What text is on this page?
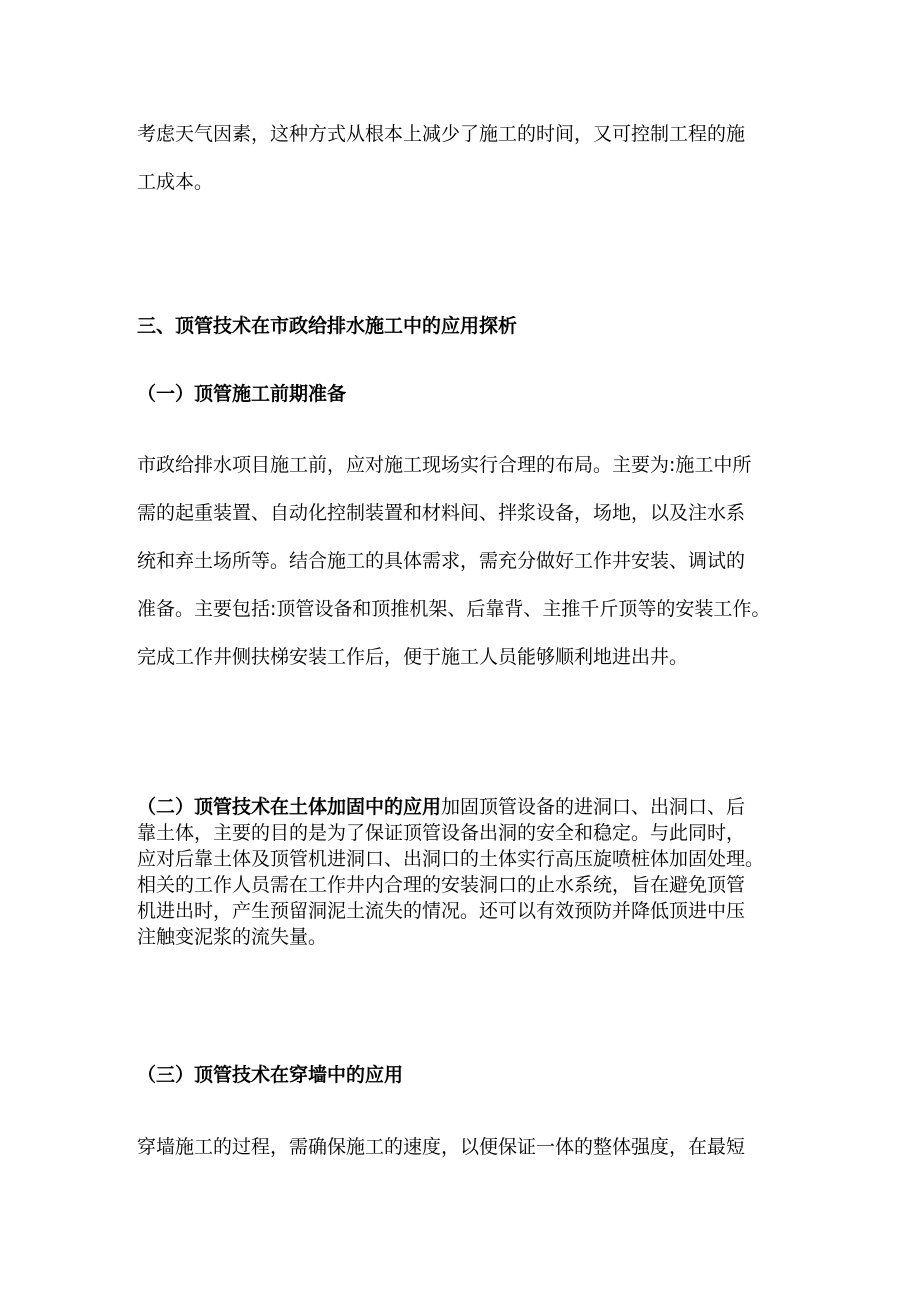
考虑天气因素，这种方式从根本上减少了施工的时间，又可控制工程的施

工成本。

三、顶管技术在市政给排水施工中的应用探析

（一）顶管施工前期准备

市政给排水项目施工前，应对施工现场实行合理的布局。主要为:施工中所

需的起重装置、自动化控制装置和材料间、拌浆设备，场地，以及注水系

统和弃土场所等。结合施工的具体需求，需充分做好工作井安装、调试的

准备。主要包括:顶管设备和顶推机架、后靠背、主推千斤顶等的安装工作。

完成工作井侧扶梯安装工作后，便于施工人员能够顺利地进出井。

（二）顶管技术在土体加固中的应用加固顶管设备的进洞口、出洞口、后

靠土体，主要的目的是为了保证顶管设备出洞的安全和稳定。与此同时，

应对后靠土体及顶管机进洞口、出洞口的土体实行高压旋喷桩体加固处理。

相关的工作人员需在工作井内合理的安装洞口的止水系统，旨在避免顶管

机进出时，产生预留洞泥土流失的情况。还可以有效预防并降低顶进中压

注触变泥浆的流失量。

（三）顶管技术在穿墙中的应用

穿墙施工的过程，需确保施工的速度，以便保证一体的整体强度，在最短
